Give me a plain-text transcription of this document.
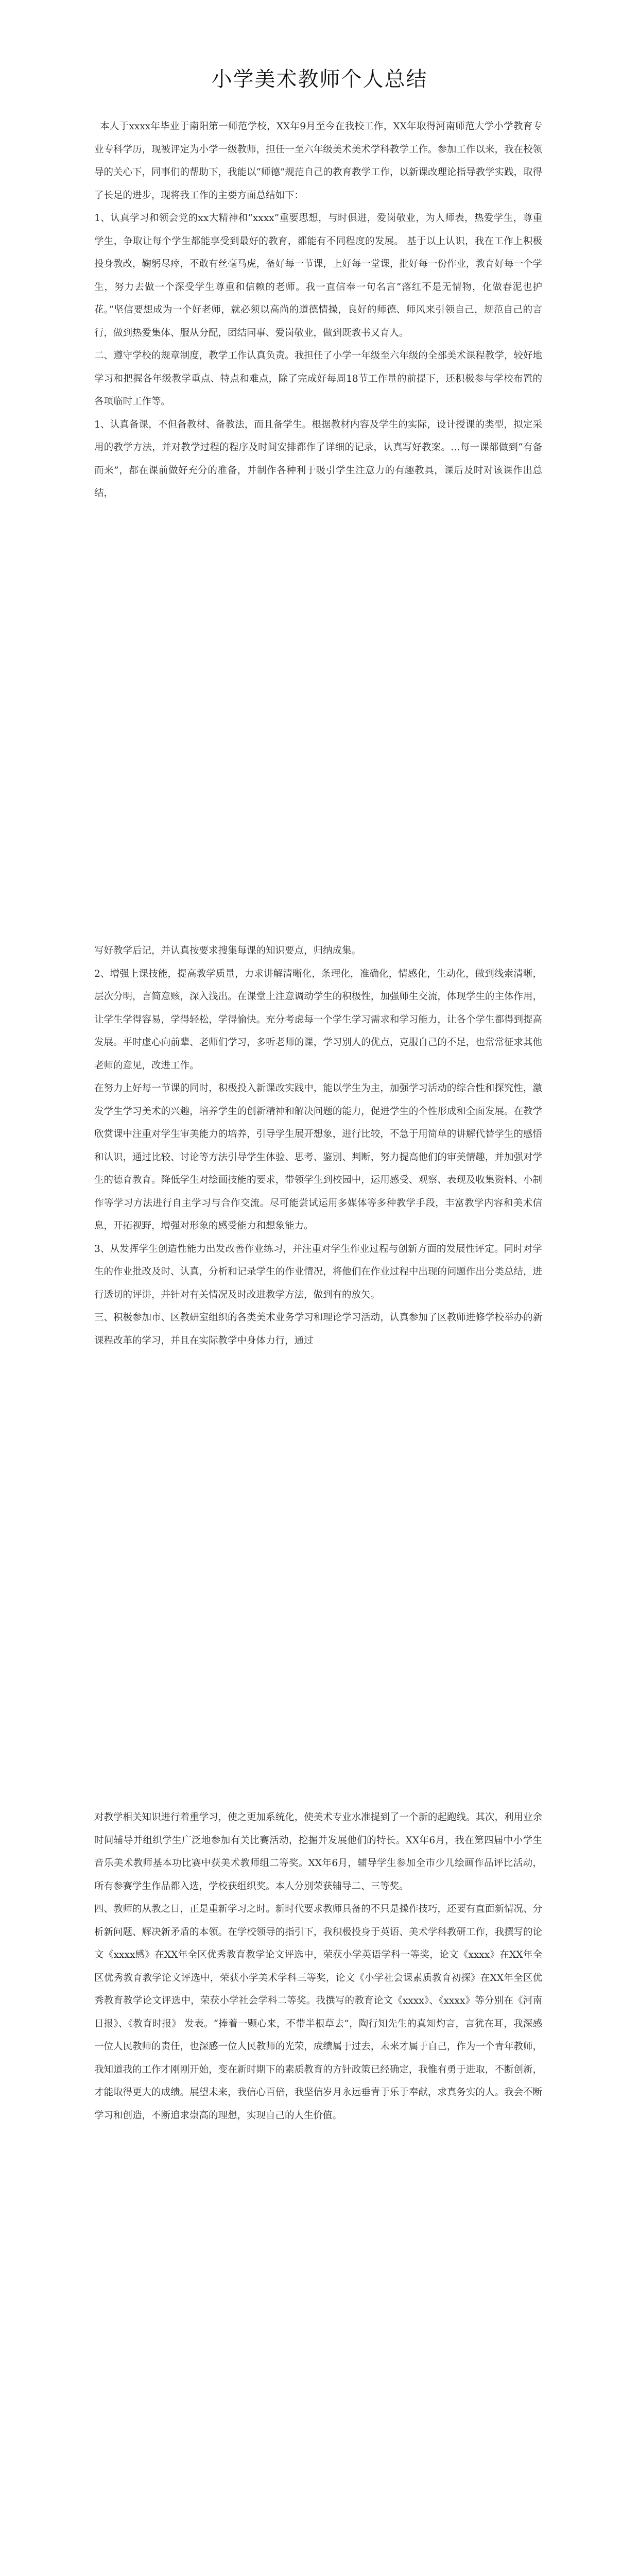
小学美术教师个人总结

本人于xxxx年毕业于南阳第一师范学校，XX年9月至今在我校工作，XX年取得河南师范大学小学教育专业专科学历，现被评定为小学一级教师，担任一至六年级美术美术学科教学工作。参加工作以来，我在校领导的关心下，同事们的帮助下，我能以“师德”规范自己的教育教学工作，以新课改理论指导教学实践，取得了长足的进步，现将我工作的主要方面总结如下：

1、认真学习和领会党的xx大精神和“xxxx”重要思想，与时俱进，爱岗敬业，为人师表，热爱学生，尊重学生，争取让每个学生都能享受到最好的教育，都能有不同程度的发展。 基于以上认识，我在工作上积极投身教改，鞠躬尽瘁，不敢有丝毫马虎，备好每一节课，上好每一堂课，批好每一份作业，教育好每一个学生，努力去做一个深受学生尊重和信赖的老师。我一直信奉一句名言“落红不是无情物，化做春泥也护花。”坚信要想成为一个好老师，就必须以高尚的道德情操，良好的师德、师风来引领自己，规范自己的言行，做到热爱集体、服从分配，团结同事、爱岗敬业，做到既教书又育人。

二、遵守学校的规章制度，教学工作认真负责。我担任了小学一年级至六年级的全部美术课程教学，较好地学习和把握各年级教学重点、特点和难点，除了完成好每周18节工作量的前提下，还积极参与学校布置的各项临时工作等。

1、认真备课，不但备教材、备教法，而且备学生。根据教材内容及学生的实际，设计授课的类型，拟定采用的教学方法，并对教学过程的程序及时间安排都作了详细的记录，认真写好教案。…每一课都做到“有备而来”，都在课前做好充分的准备，并制作各种利于吸引学生注意力的有趣教具，课后及时对该课作出总结，

写好教学后记，并认真按要求搜集每课的知识要点，归纳成集。

2、增强上课技能，提高教学质量，力求讲解清晰化，条理化，准确化，情感化，生动化，做到线索清晰，层次分明，言简意赅，深入浅出。在课堂上注意调动学生的积极性，加强师生交流，体现学生的主体作用，让学生学得容易，学得轻松，学得愉快。充分考虑每一个学生学习需求和学习能力，让各个学生都得到提高发展。平时虚心向前辈、老师们学习，多听老师的课，学习别人的优点，克服自己的不足，也常常征求其他老师的意见，改进工作。

在努力上好每一节课的同时，积极投入新课改实践中，能以学生为主，加强学习活动的综合性和探究性，激发学生学习美术的兴趣，培养学生的创新精神和解决问题的能力，促进学生的个性形成和全面发展。在教学欣赏课中注重对学生审美能力的培养，引导学生展开想象，进行比较，不急于用简单的讲解代替学生的感悟和认识，通过比较、讨论等方法引导学生体验、思考、鉴别、判断，努力提高他们的审美情趣，并加强对学生的德育教育。降低学生对绘画技能的要求，带领学生到校园中，运用感受、观察、表现及收集资料、小制作等学习方法进行自主学习与合作交流。尽可能尝试运用多媒体等多种教学手段，丰富教学内容和美术信息，开拓视野，增强对形象的感受能力和想象能力。

3、从发挥学生创造性能力出发改善作业练习，并注重对学生作业过程与创新方面的发展性评定。同时对学生的作业批改及时、认真，分析和记录学生的作业情况，将他们在作业过程中出现的问题作出分类总结，进行透切的评讲，并针对有关情况及时改进教学方法，做到有的放矢。

三、积极参加市、区教研室组织的各类美术业务学习和理论学习活动，认真参加了区教师进修学校举办的新课程改革的学习，并且在实际教学中身体力行，通过

对教学相关知识进行着重学习，使之更加系统化，使美术专业水准提到了一个新的起跑线。其次，利用业余时间辅导并组织学生广泛地参加有关比赛活动，挖掘并发展他们的特长。XX年6月，我在第四届中小学生音乐美术教师基本功比赛中获美术教师组二等奖。XX年6月，辅导学生参加全市少儿绘画作品评比活动，所有参赛学生作品都入选，学校获组织奖。本人分别荣获辅导二、三等奖。

四、教师的从教之日，正是重新学习之时。新时代要求教师具备的不只是操作技巧，还要有直面新情况、分析新问题、解决新矛盾的本领。在学校领导的指引下，我积极投身于英语、美术学科教研工作，我撰写的论文《xxxx感》在XX年全区优秀教育教学论文评选中，荣获小学英语学科一等奖，论文《xxxx》在XX年全区优秀教育教学论文评选中，荣获小学美术学科三等奖，论文《小学社会课素质教育初探》在XX年全区优秀教育教学论文评选中，荣获小学社会学科二等奖。我撰写的教育论文《xxxx》、《xxxx》等分别在《河南日报》、《教育时报》 发表。“捧着一颗心来，不带半根草去”，陶行知先生的真知灼言，言犹在耳，我深感一位人民教师的责任，也深感一位人民教师的光荣，成绩属于过去，未来才属于自己，作为一个青年教师，我知道我的工作才刚刚开始，变在新时期下的素质教育的方针政策已经确定，我惟有勇于进取，不断创新，才能取得更大的成绩。展望未来，我信心百倍，我坚信岁月永远垂青于乐于奉献，求真务实的人。我会不断学习和创造，不断追求崇高的理想，实现自己的人生价值。
